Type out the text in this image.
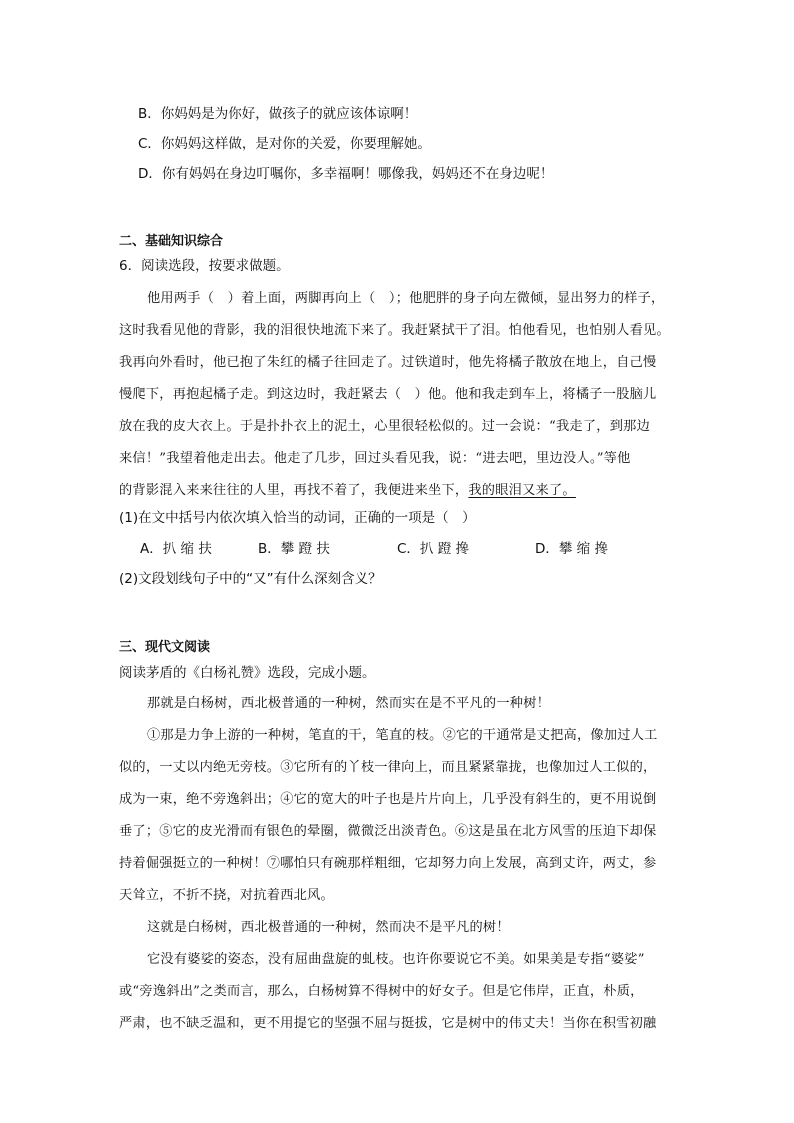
B．你妈妈是为你好，做孩子的就应该体谅啊！
C．你妈妈这样做，是对你的关爱，你要理解她。
D．你有妈妈在身边叮嘱你，多幸福啊！哪像我，妈妈还不在身边呢！
二、基础知识综合
6．阅读选段，按要求做题。
他用两手（　）着上面，两脚再向上（　）；他肥胖的身子向左微倾，显出努力的样子，
这时我看见他的背影，我的泪很快地流下来了。我赶紧拭干了泪。怕他看见，也怕别人看见。
我再向外看时，他已抱了朱红的橘子往回走了。过铁道时，他先将橘子散放在地上，自己慢
慢爬下，再抱起橘子走。到这边时，我赶紧去（　）他。他和我走到车上，将橘子一股脑儿
放在我的皮大衣上。于是扑扑衣上的泥土，心里很轻松似的。过一会说：“我走了，到那边
来信！”我望着他走出去。他走了几步，回过头看见我，说：“进去吧，里边没人。”等他
的背影混入来来往往的人里，再找不着了，我便进来坐下，我的眼泪又来了。
(1)在文中括号内依次填入恰当的动词，正确的一项是（　）
A．扒 缩 扶	B．攀 蹬 扶	C．扒 蹬 搀	D．攀 缩 搀
(2)文段划线句子中的“又”有什么深刻含义？
三、现代文阅读
阅读茅盾的《白杨礼赞》选段，完成小题。
那就是白杨树，西北极普通的一种树，然而实在是不平凡的一种树！
①那是力争上游的一种树，笔直的干，笔直的枝。②它的干通常是丈把高，像加过人工
似的，一丈以内绝无旁枝。③它所有的丫枝一律向上，而且紧紧靠拢，也像加过人工似的，
成为一束，绝不旁逸斜出；④它的宽大的叶子也是片片向上，几乎没有斜生的，更不用说倒
垂了；⑤它的皮光滑而有银色的晕圈，微微泛出淡青色。⑥这是虽在北方风雪的压迫下却保
持着倔强挺立的一种树！⑦哪怕只有碗那样粗细，它却努力向上发展，高到丈许，两丈，参
天耸立，不折不挠，对抗着西北风。
这就是白杨树，西北极普通的一种树，然而决不是平凡的树！
它没有婆娑的姿态，没有屈曲盘旋的虬枝。也许你要说它不美。如果美是专指“婆娑”
或“旁逸斜出”之类而言，那么，白杨树算不得树中的好女子。但是它伟岸，正直，朴质，
严肃，也不缺乏温和，更不用提它的坚强不屈与挺拔，它是树中的伟丈夫！当你在积雪初融
